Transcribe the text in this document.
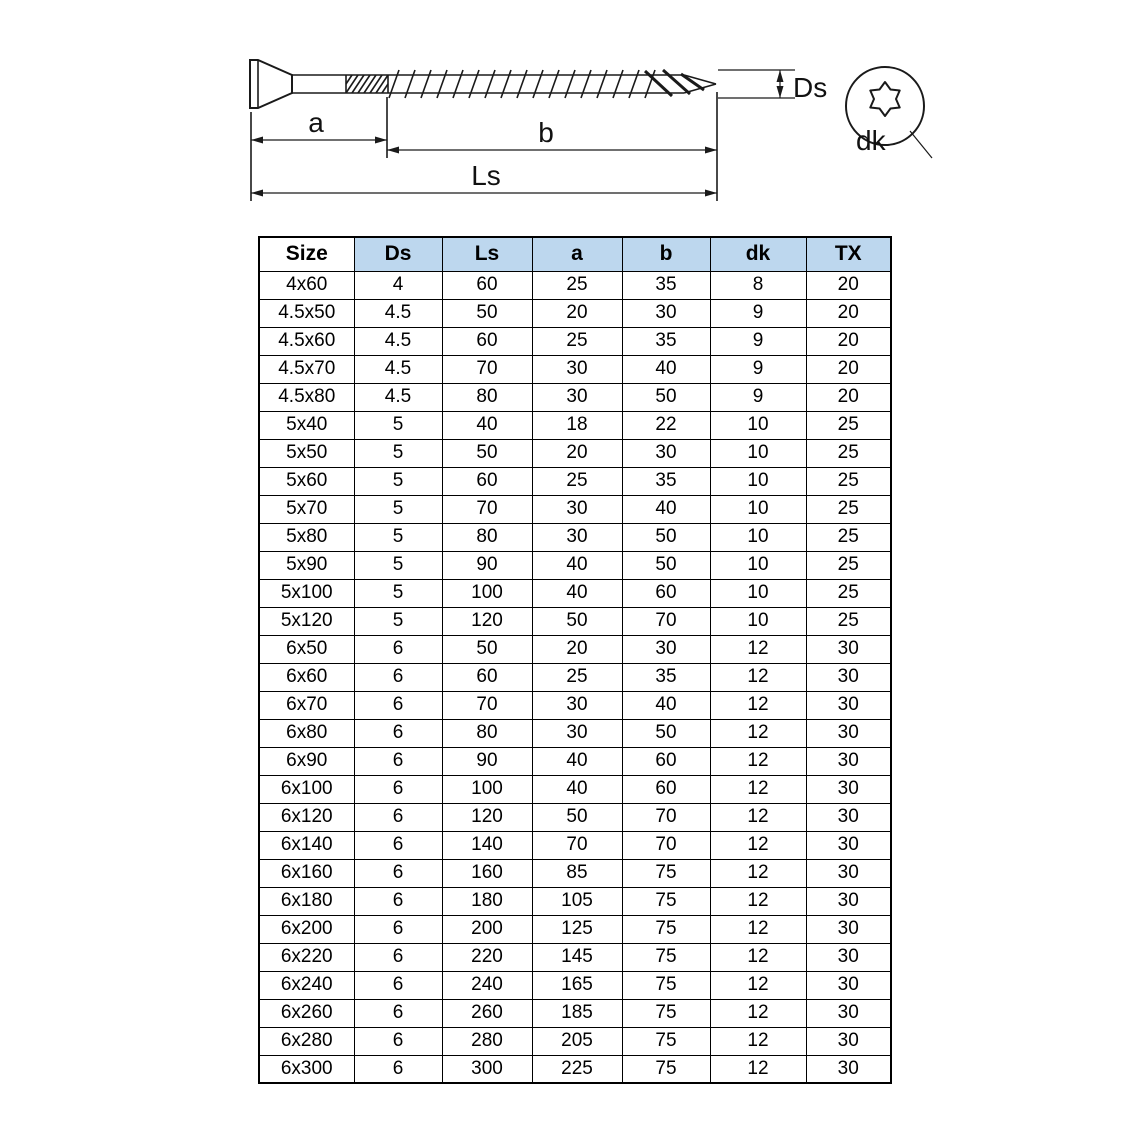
Ds
a	b
Ls
dk
Size	Ds	Ls	a	b	dk	TX
4x60	4	60	25	35	8	20
4.5x50	4.5	50	20	30	9	20
4.5x60	4.5	60	25	35	9	20
4.5x70	4.5	70	30	40	9	20
4.5x80	4.5	80	30	50	9	20
5x40	5	40	18	22	10	25
5x50	5	50	20	30	10	25
5x60	5	60	25	35	10	25
5x70	5	70	30	40	10	25
5x80	5	80	30	50	10	25
5x90	5	90	40	50	10	25
5x100	5	100	40	60	10	25
5x120	5	120	50	70	10	25
6x50	6	50	20	30	12	30
6x60	6	60	25	35	12	30
6x70	6	70	30	40	12	30
6x80	6	80	30	50	12	30
6x90	6	90	40	60	12	30
6x100	6	100	40	60	12	30
6x120	6	120	50	70	12	30
6x140	6	140	70	70	12	30
6x160	6	160	85	75	12	30
6x180	6	180	105	75	12	30
6x200	6	200	125	75	12	30
6x220	6	220	145	75	12	30
6x240	6	240	165	75	12	30
6x260	6	260	185	75	12	30
6x280	6	280	205	75	12	30
6x300	6	300	225	75	12	30
